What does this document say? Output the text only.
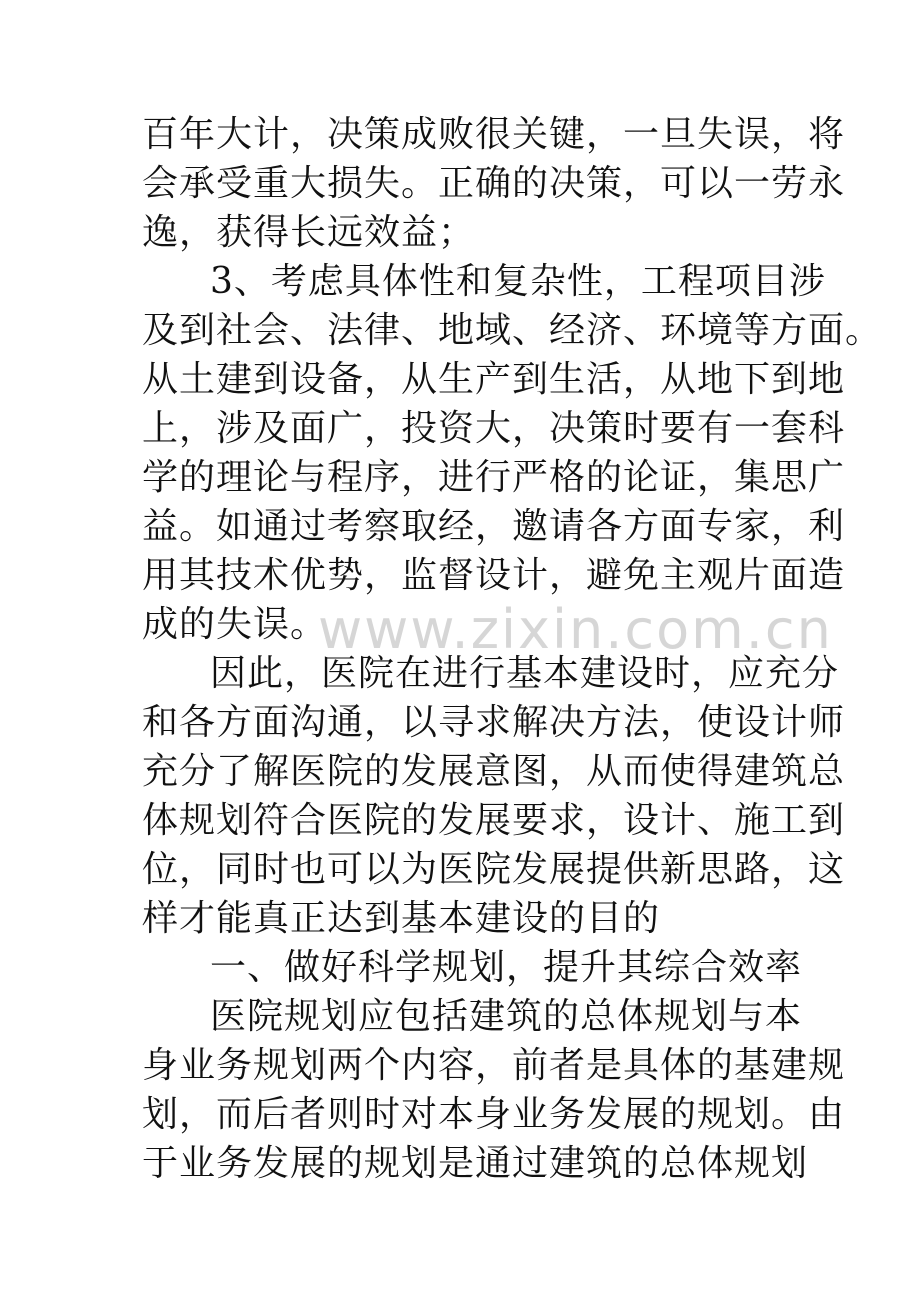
百年大计，决策成败很关键，一旦失误，将
会承受重大损失。正确的决策，可以一劳永
逸，获得长远效益；
3、考虑具体性和复杂性，工程项目涉
及到社会、法律、地域、经济、环境等方面。
从土建到设备，从生产到生活，从地下到地
上，涉及面广，投资大，决策时要有一套科
学的理论与程序，进行严格的论证，集思广
益。如通过考察取经，邀请各方面专家，利
用其技术优势，监督设计，避免主观片面造
成的失误。
因此，医院在进行基本建设时，应充分
和各方面沟通，以寻求解决方法，使设计师
充分了解医院的发展意图，从而使得建筑总
体规划符合医院的发展要求，设计、施工到
位，同时也可以为医院发展提供新思路，这
样才能真正达到基本建设的目的
一、做好科学规划，提升其综合效率
医院规划应包括建筑的总体规划与本
身业务规划两个内容，前者是具体的基建规
划，而后者则时对本身业务发展的规划。由
于业务发展的规划是通过建筑的总体规划
www.zixin.com.cn
